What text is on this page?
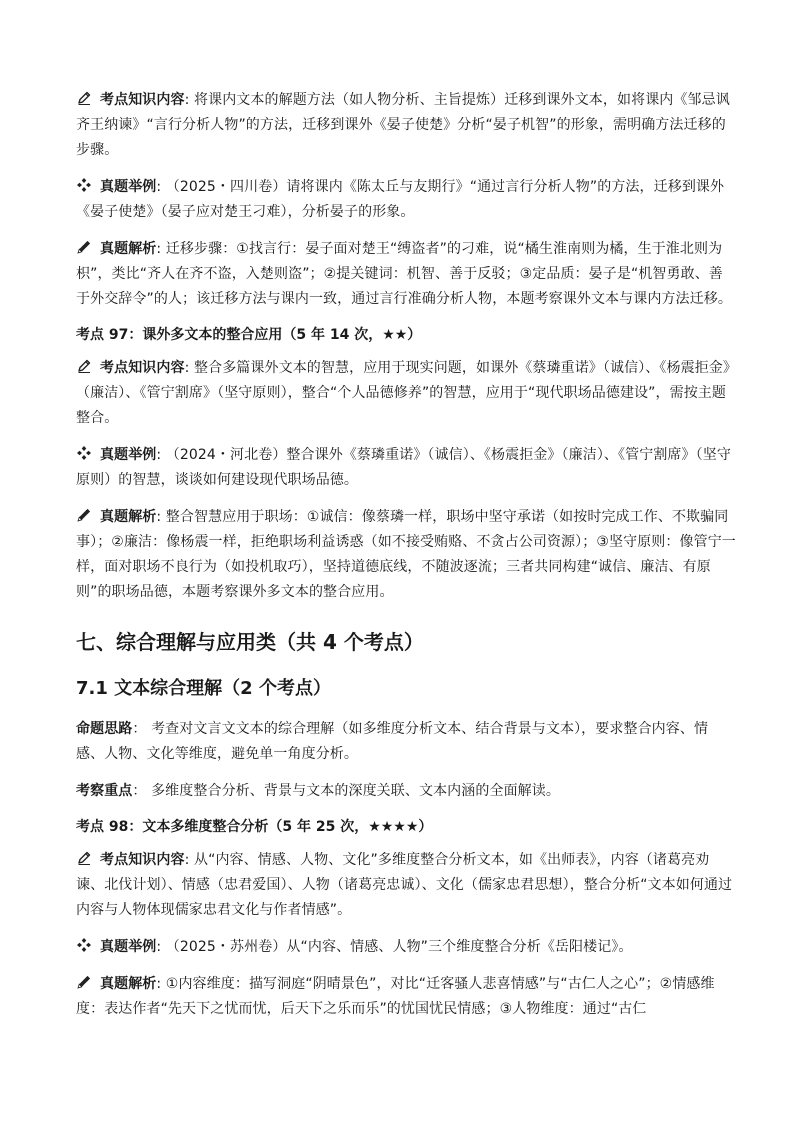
考点知识内容: 将课内文本的解题方法（如人物分析、主旨提炼）迁移到课外文本，如将课内《邹忌讽齐王纳谏》“言行分析人物”的方法，迁移到课外《晏子使楚》分析“晏子机智”的形象，需明确方法迁移的步骤。

真题举例: （2025・四川卷）请将课内《陈太丘与友期行》“通过言行分析人物”的方法，迁移到课外《晏子使楚》（晏子应对楚王刁难），分析晏子的形象。

真题解析: 迁移步骤：①找言行：晏子面对楚王“缚盗者”的刁难，说“橘生淮南则为橘，生于淮北则为枳”，类比“齐人在齐不盗，入楚则盗”；②提关键词：机智、善于反驳；③定品质：晏子是“机智勇敢、善于外交辞令”的人；该迁移方法与课内一致，通过言行准确分析人物，本题考察课外文本与课内方法迁移。

考点 97：课外多文本的整合应用（5 年 14 次，★★）

考点知识内容: 整合多篇课外文本的智慧，应用于现实问题，如课外《蔡璘重诺》（诚信）、《杨震拒金》（廉洁）、《管宁割席》（坚守原则），整合“个人品德修养”的智慧，应用于“现代职场品德建设”，需按主题整合。

真题举例: （2024・河北卷）整合课外《蔡璘重诺》（诚信）、《杨震拒金》（廉洁）、《管宁割席》（坚守原则）的智慧，谈谈如何建设现代职场品德。

真题解析: 整合智慧应用于职场：①诚信：像蔡璘一样，职场中坚守承诺（如按时完成工作、不欺骗同事）；②廉洁：像杨震一样，拒绝职场利益诱惑（如不接受贿赂、不贪占公司资源）；③坚守原则：像管宁一样，面对职场不良行为（如投机取巧），坚持道德底线，不随波逐流；三者共同构建“诚信、廉洁、有原则”的职场品德，本题考察课外多文本的整合应用。

七、综合理解与应用类（共 4 个考点）
7.1 文本综合理解（2 个考点）

命题思路： 考查对文言文文本的综合理解（如多维度分析文本、结合背景与文本），要求整合内容、情感、人物、文化等维度，避免单一角度分析。

考察重点： 多维度整合分析、背景与文本的深度关联、文本内涵的全面解读。

考点 98：文本多维度整合分析（5 年 25 次，★★★★）

考点知识内容: 从“内容、情感、人物、文化”多维度整合分析文本，如《出师表》，内容（诸葛亮劝谏、北伐计划）、情感（忠君爱国）、人物（诸葛亮忠诚）、文化（儒家忠君思想），整合分析“文本如何通过内容与人物体现儒家忠君文化与作者情感”。

真题举例: （2025・苏州卷）从“内容、情感、人物”三个维度整合分析《岳阳楼记》。

真题解析: ①内容维度：描写洞庭“阴晴景色”，对比“迁客骚人悲喜情感”与“古仁人之心”；②情感维度：表达作者“先天下之忧而忧，后天下之乐而乐”的忧国忧民情感；③人物维度：通过“古仁
